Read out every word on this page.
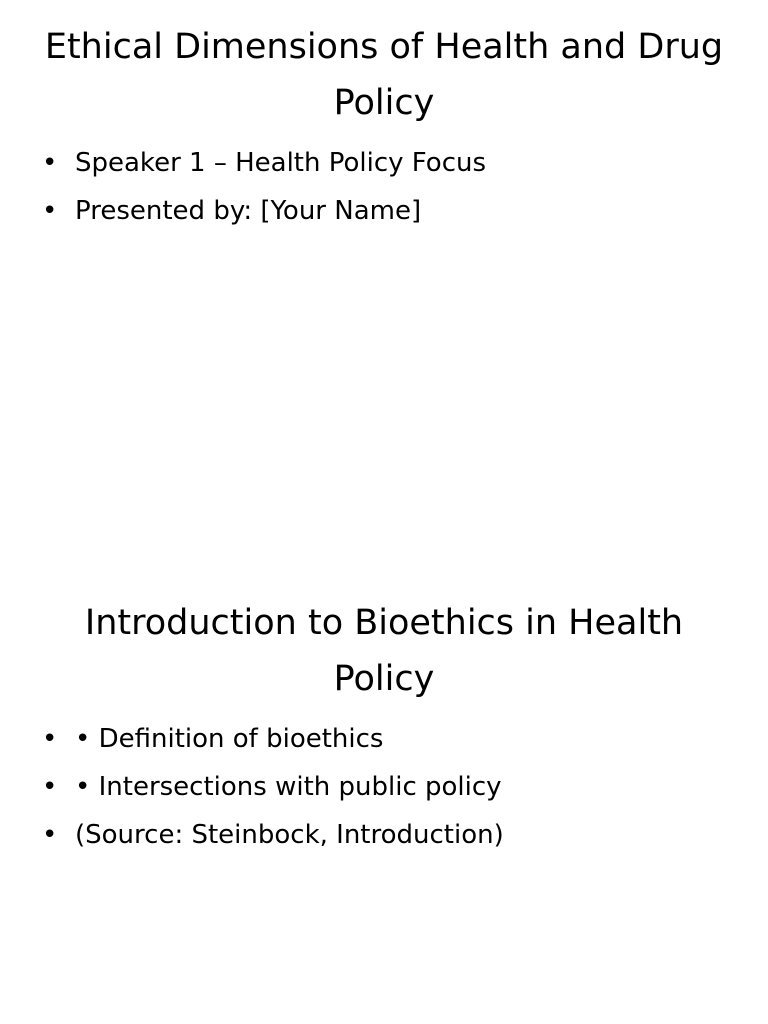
Ethical Dimensions of Health and Drug Policy
• Speaker 1 – Health Policy Focus
• Presented by: [Your Name]
Introduction to Bioethics in Health Policy
• • Definition of bioethics
• • Intersections with public policy
• (Source: Steinbock, Introduction)
